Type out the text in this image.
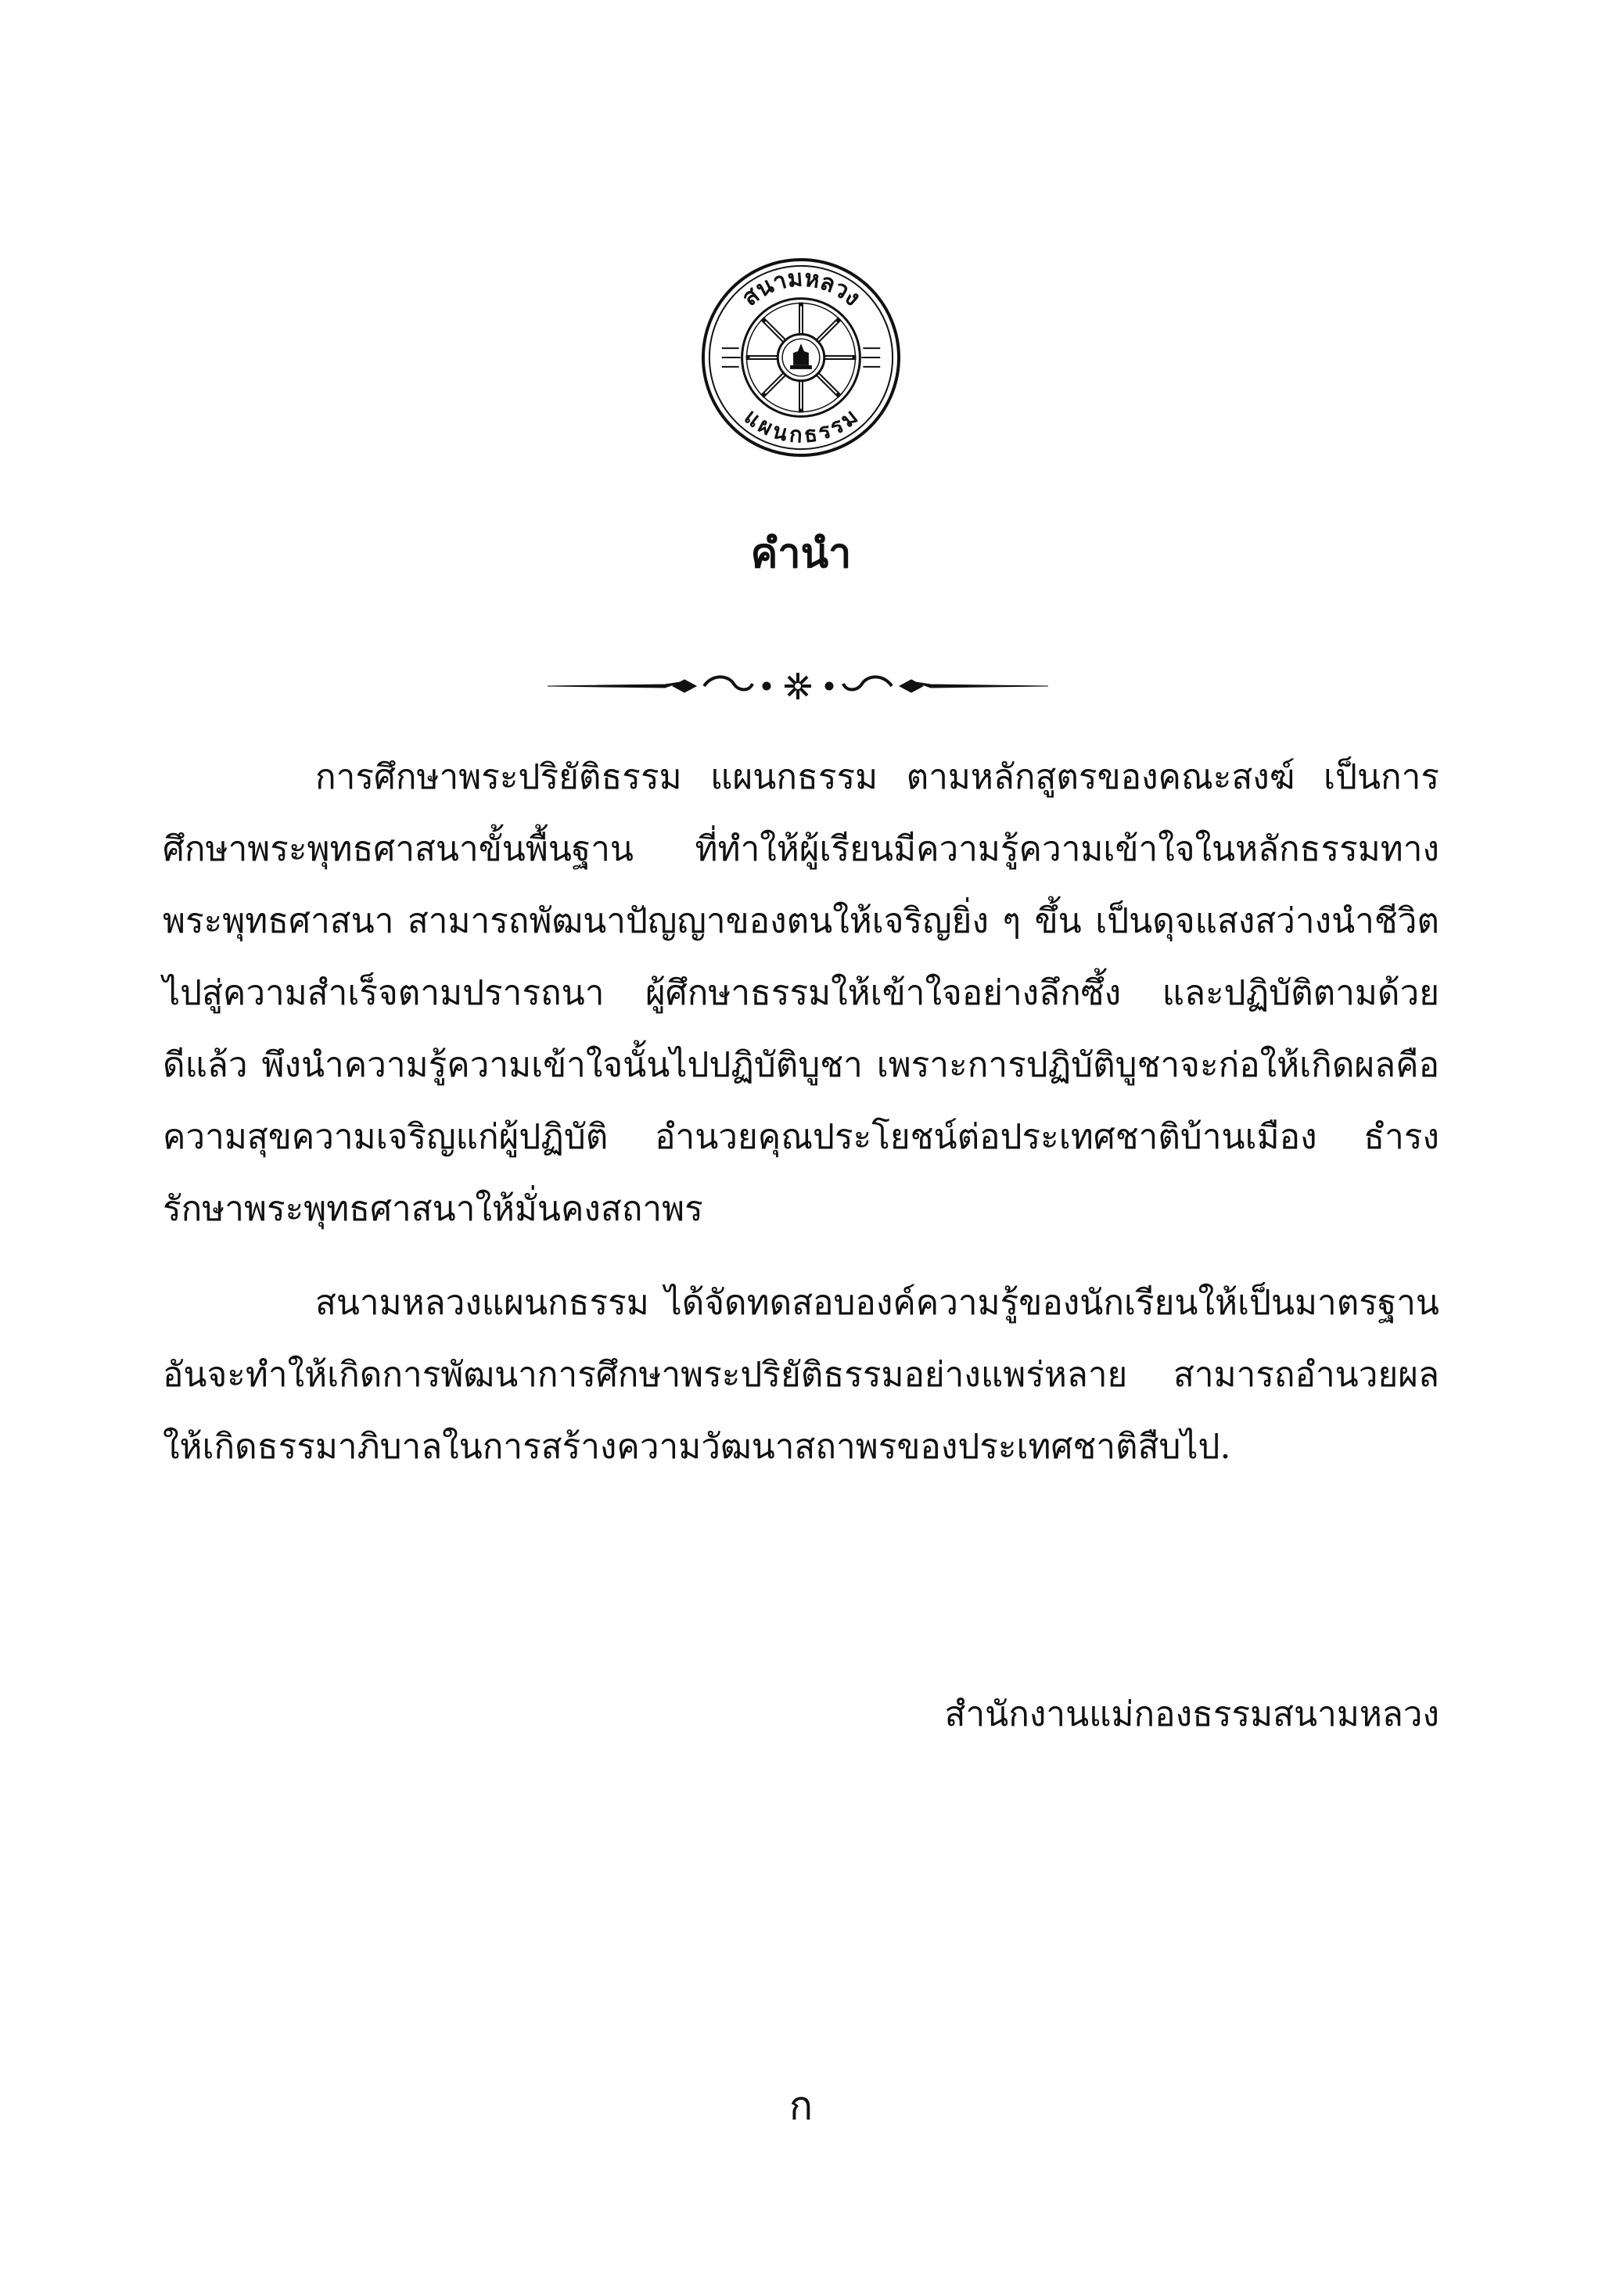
สนามหลวง
แผนกธรรม
คำนำ

การศึกษาพระปริยัติธรรม แผนกธรรม ตามหลักสูตรของคณะสงฆ์ เป็นการศึกษาพระพุทธศาสนาขั้นพื้นฐาน ที่ทำให้ผู้เรียนมีความรู้ความเข้าใจในหลักธรรมทางพระพุทธศาสนา สามารถพัฒนาปัญญาของตนให้เจริญยิ่ง ๆ ขึ้น เป็นดุจแสงสว่างนำชีวิตไปสู่ความสำเร็จตามปรารถนา ผู้ศึกษาธรรมให้เข้าใจอย่างลึกซึ้ง และปฏิบัติตามด้วยดีแล้ว พึงนำความรู้ความเข้าใจนั้นไปปฏิบัติบูชา เพราะการปฏิบัติบูชาจะก่อให้เกิดผลคือความสุขความเจริญแก่ผู้ปฏิบัติ อำนวยคุณประโยชน์ต่อประเทศชาติบ้านเมือง ธำรงรักษาพระพุทธศาสนาให้มั่นคงสถาพร

สนามหลวงแผนกธรรม ได้จัดทดสอบองค์ความรู้ของนักเรียนให้เป็นมาตรฐาน อันจะทำให้เกิดการพัฒนาการศึกษาพระปริยัติธรรมอย่างแพร่หลาย สามารถอำนวยผลให้เกิดธรรมาภิบาลในการสร้างความวัฒนาสถาพรของประเทศชาติสืบไป.

สำนักงานแม่กองธรรมสนามหลวง
ก
